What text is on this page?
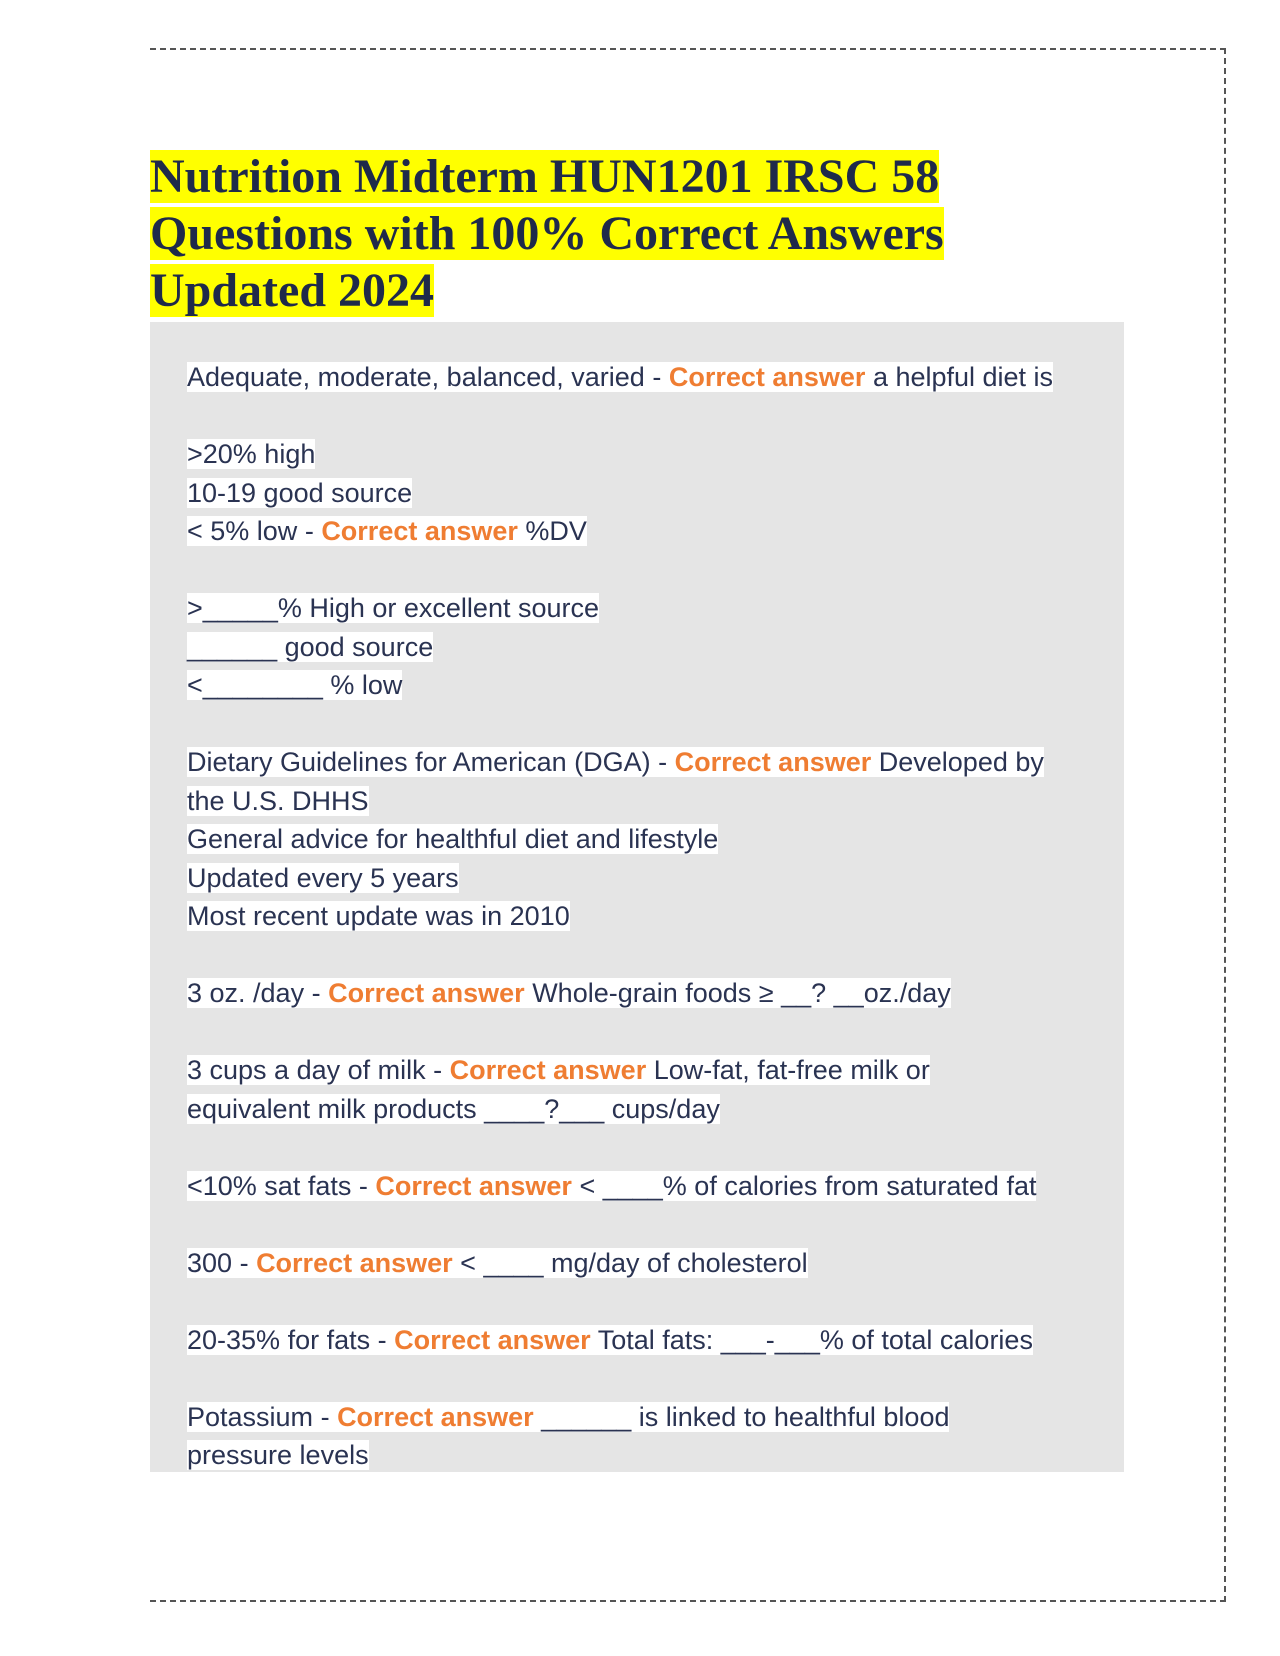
Nutrition Midterm HUN1201 IRSC 58
Questions with 100% Correct Answers
Updated 2024
Adequate, moderate, balanced, varied - Correct answer a helpful diet is
>20% high
10-19 good source
< 5% low - Correct answer %DV
>_____% High or excellent source
______ good source
<________ % low
Dietary Guidelines for American (DGA) - Correct answer Developed by
the U.S. DHHS
General advice for healthful diet and lifestyle
Updated every 5 years
Most recent update was in 2010
3 oz. /day - Correct answer Whole-grain foods ≥ __? __oz./day
3 cups a day of milk - Correct answer Low-fat, fat-free milk or
equivalent milk products ____?___ cups/day
<10% sat fats - Correct answer < ____% of calories from saturated fat
300 - Correct answer < ____ mg/day of cholesterol
20-35% for fats - Correct answer Total fats: ___-___% of total calories
Potassium - Correct answer ______ is linked to healthful blood
pressure levels
